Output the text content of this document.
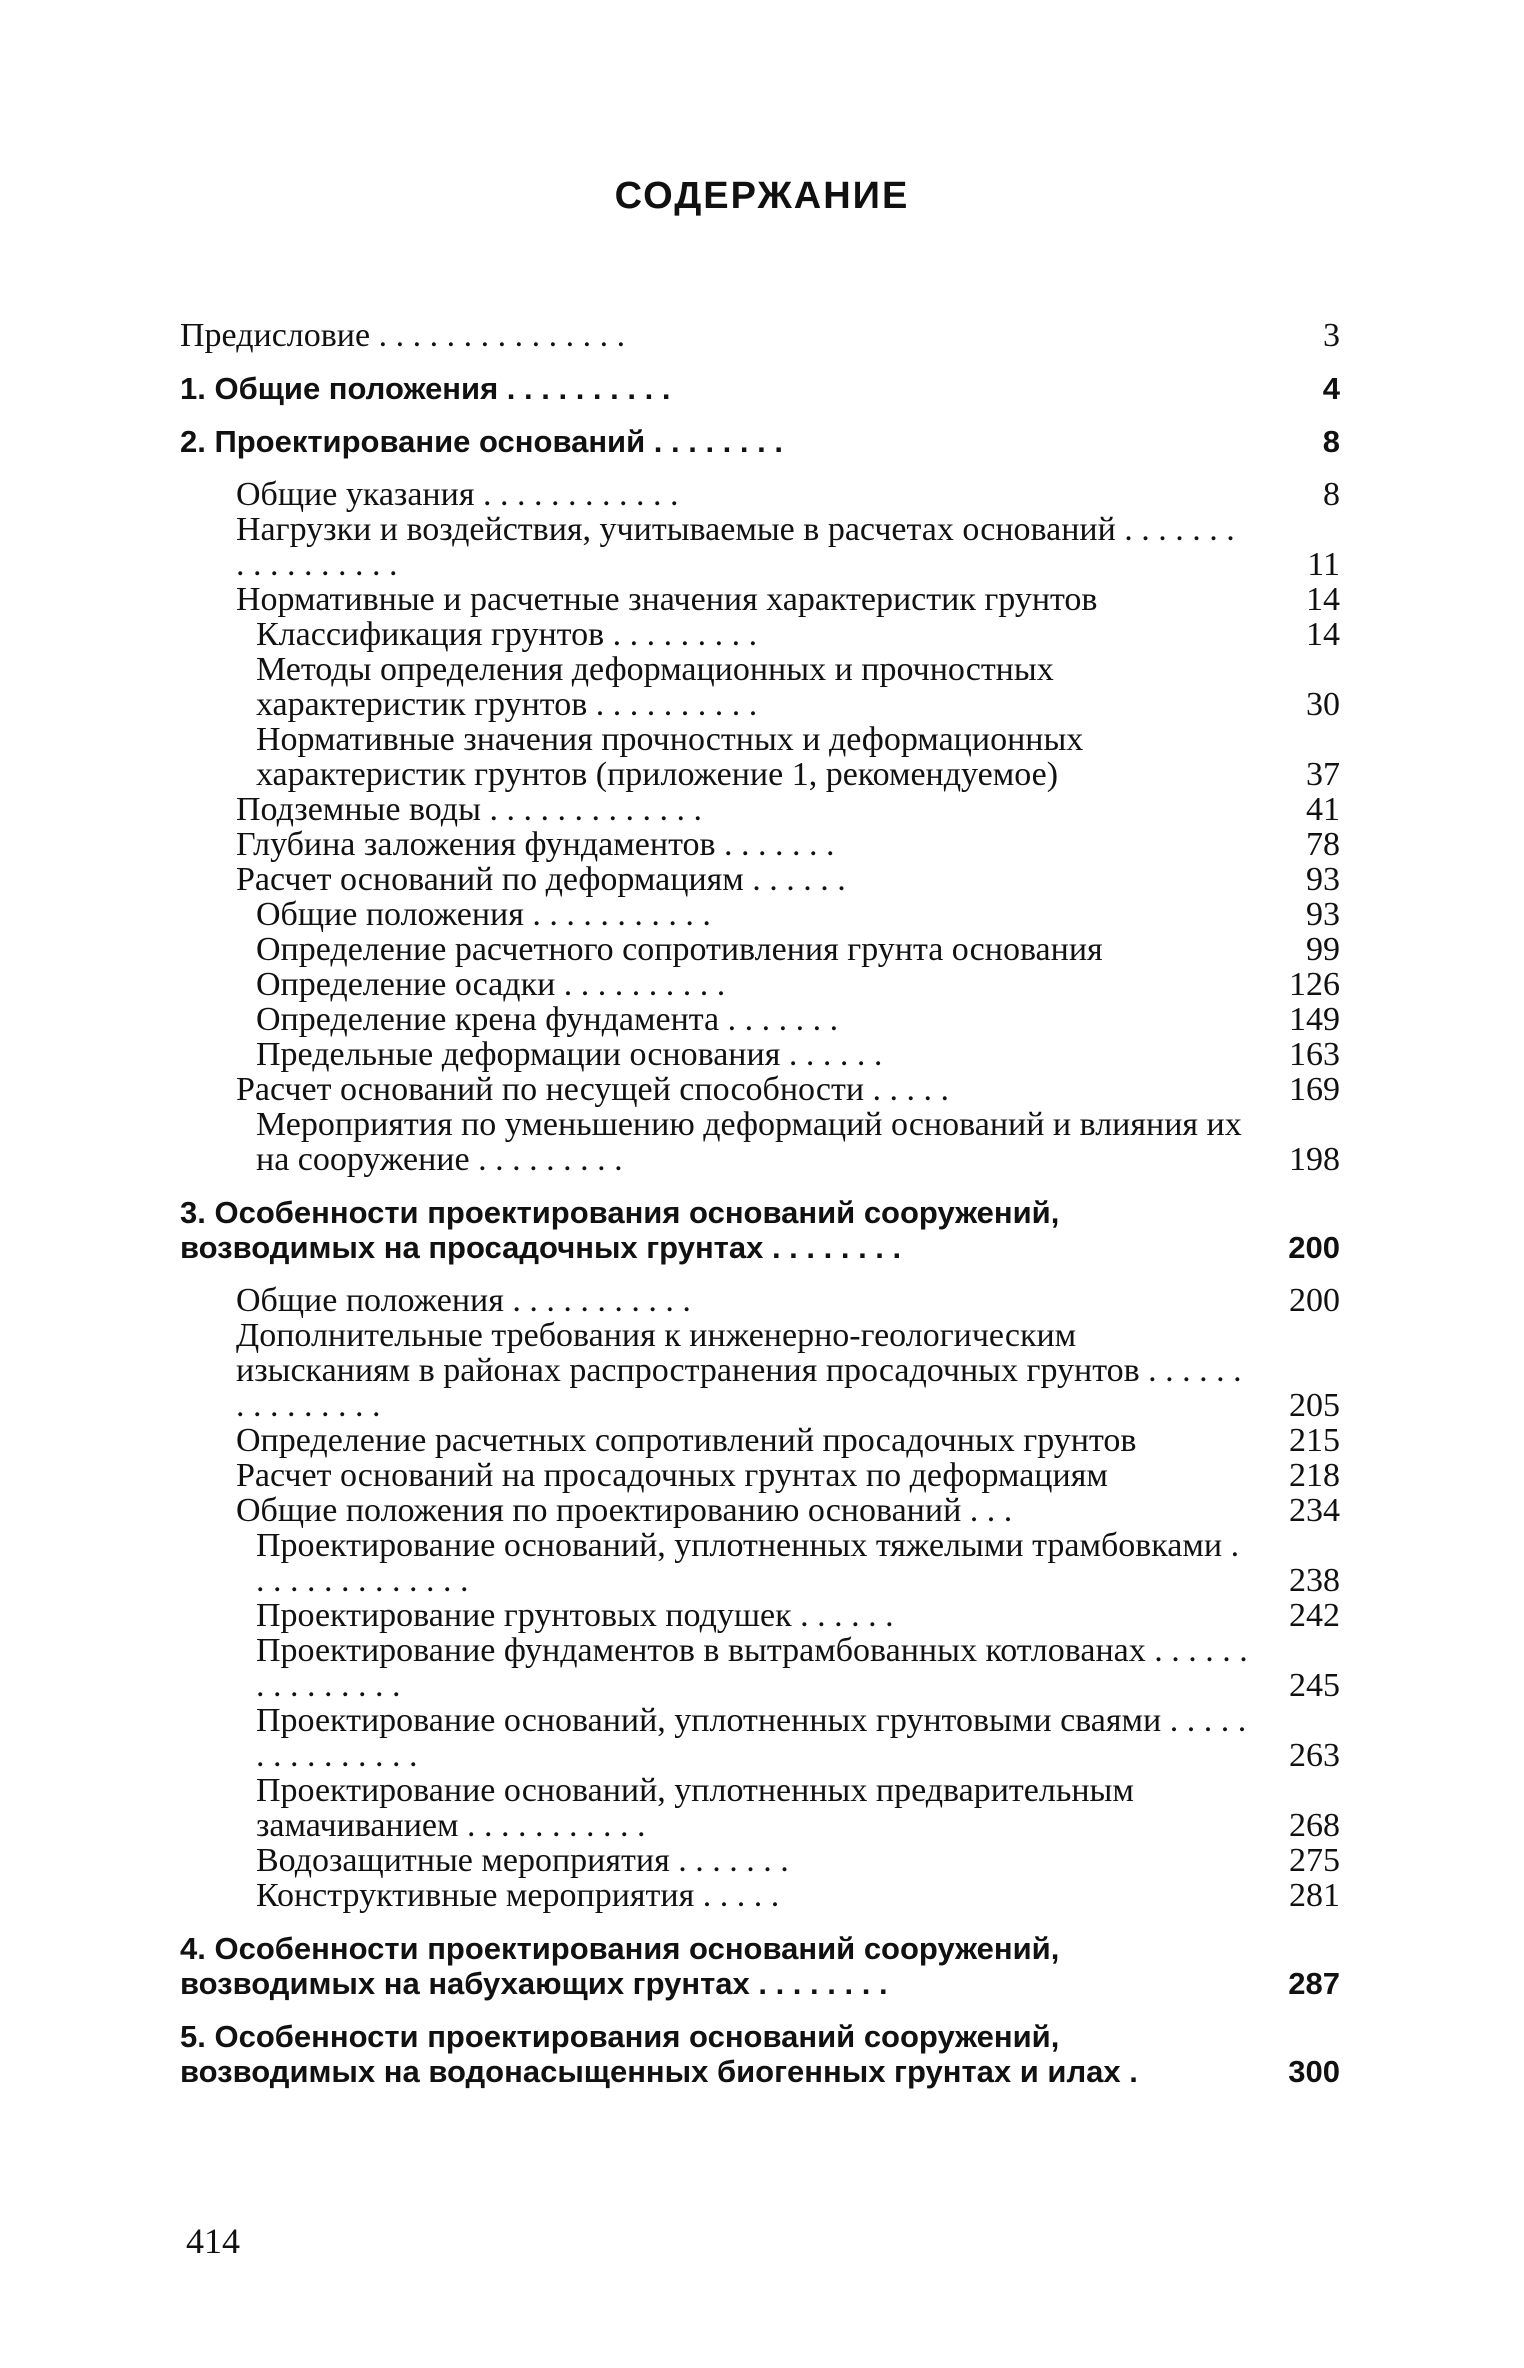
СОДЕРЖАНИЕ
Предисловие . . . . . . . . . . . . . . .	3
1. Общие положения . . . . . . . . . .	4
2. Проектирование оснований . . . . . . . .	8
Общие указания . . . . . . . . . . . .	8
Нагрузки и воздействия, учитываемые в расчетах оснований . . . . . . . . . . . . . . . . .	11
Нормативные и расчетные значения характеристик грунтов	14
Классификация грунтов . . . . . . . . .	14
Методы определения деформационных и прочностных характеристик грунтов . . . . . . . . . .	30
Нормативные значения прочностных и деформационных характеристик грунтов (приложение 1, рекомендуемое)	37
Подземные воды . . . . . . . . . . . . .	41
Глубина заложения фундаментов . . . . . . .	78
Расчет оснований по деформациям . . . . . .	93
Общие положения . . . . . . . . . . .	93
Определение расчетного сопротивления грунта основания	99
Определение осадки . . . . . . . . . .	126
Определение крена фундамента . . . . . . .	149
Предельные деформации основания . . . . . .	163
Расчет оснований по несущей способности . . . . .	169
Мероприятия по уменьшению деформаций оснований и влияния их на сооружение . . . . . . . . .	198
3. Особенности проектирования оснований сооружений, возводимых на просадочных грунтах . . . . . . . .	200
Общие положения . . . . . . . . . . .	200
Дополнительные требования к инженерно-геологическим изысканиям в районах распространения просадочных грунтов . . . . . . . . . . . . . . .	205
Определение расчетных сопротивлений просадочных грунтов	215
Расчет оснований на просадочных грунтах по деформациям	218
Общие положения по проектированию оснований . . .	234
Проектирование оснований, уплотненных тяжелыми трамбовками . . . . . . . . . . . . . .	238
Проектирование грунтовых подушек . . . . . .	242
Проектирование фундаментов в вытрамбованных котлованах . . . . . . . . . . . . . . .	245
Проектирование оснований, уплотненных грунтовыми сваями . . . . . . . . . . . . . . .	263
Проектирование оснований, уплотненных предварительным замачиванием . . . . . . . . . . .	268
Водозащитные мероприятия . . . . . . .	275
Конструктивные мероприятия . . . . .	281
4. Особенности проектирования оснований сооружений, возводимых на набухающих грунтах . . . . . . . .	287
5. Особенности проектирования оснований сооружений, возводимых на водонасыщенных биогенных грунтах и илах .	300
414
